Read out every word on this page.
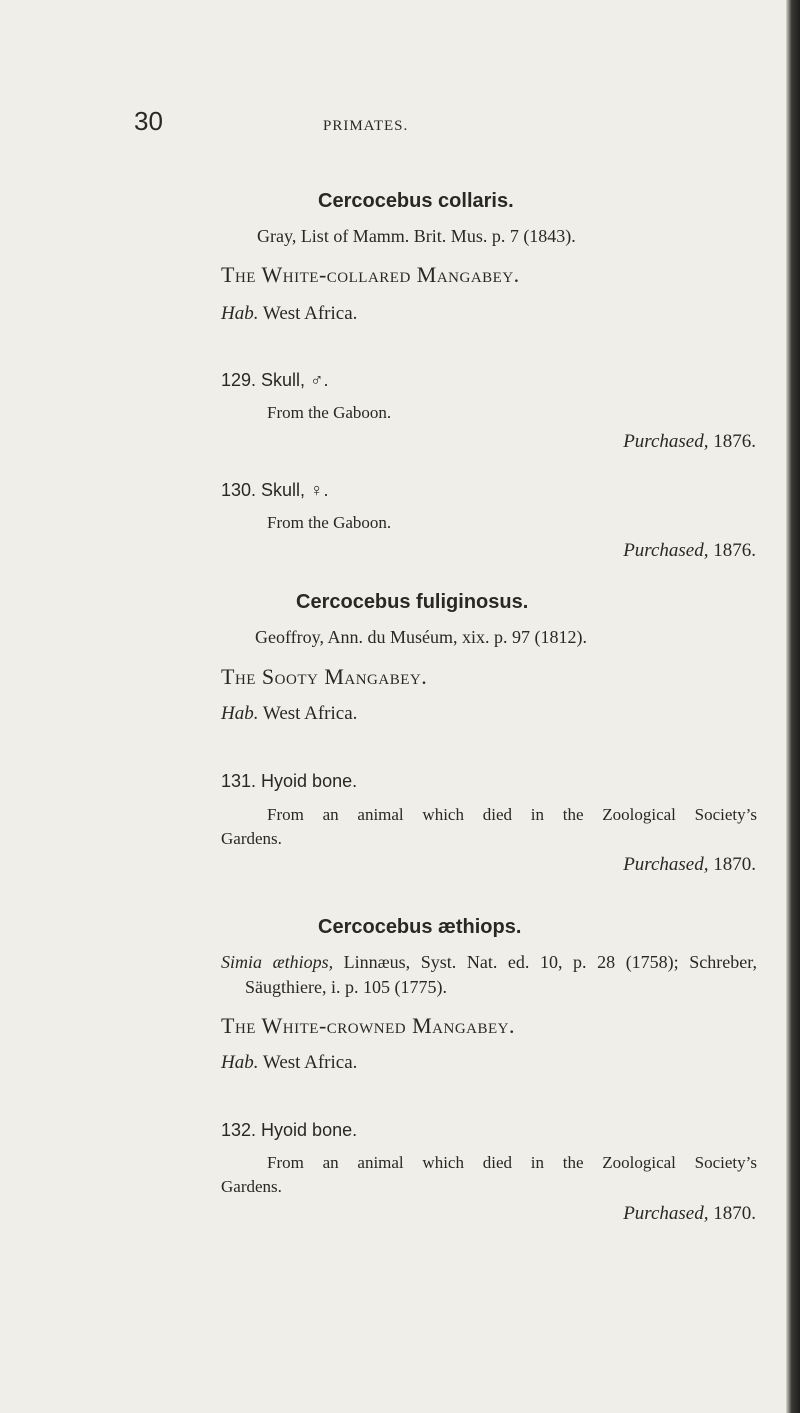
30	PRIMATES.
Cercocebus collaris.
Gray, List of Mamm. Brit. Mus. p. 7 (1843).
The White-collared Mangabey.
Hab. West Africa.
129. Skull, ♂.
From the Gaboon.
Purchased, 1876.
130. Skull, ♀.
From the Gaboon.
Purchased, 1876.
Cercocebus fuliginosus.
Geoffroy, Ann. du Muséum, xix. p. 97 (1812).
The Sooty Mangabey.
Hab. West Africa.
131. Hyoid bone.
From an animal which died in the Zoological Society’s
Gardens.
Purchased, 1870.
Cercocebus æthiops.
Simia æthiops, Linnæus, Syst. Nat. ed. 10, p. 28 (1758); Schreber,
Säugthiere, i. p. 105 (1775).
The White-crowned Mangabey.
Hab. West Africa.
132. Hyoid bone.
From an animal which died in the Zoological Society’s
Gardens.
Purchased, 1870.
